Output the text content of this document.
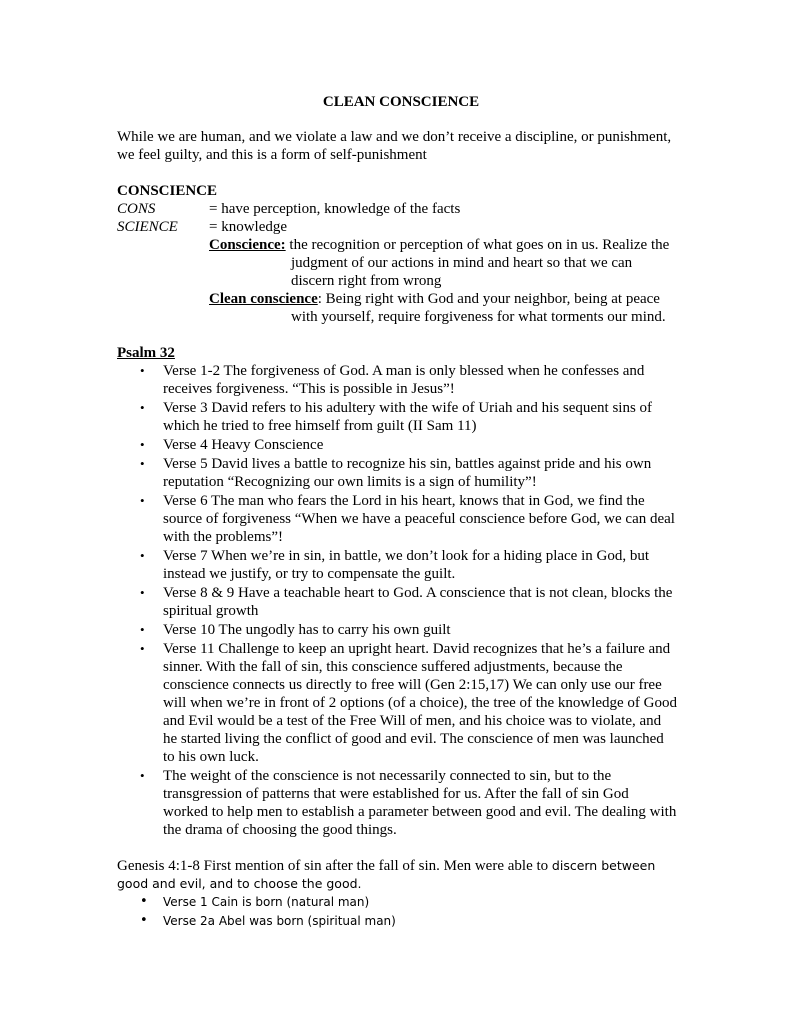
CLEAN CONSCIENCE

While we are human, and we violate a law and we don’t receive a discipline, or punishment, we feel guilty, and this is a form of self-punishment

CONSCIENCE
CONS	= have perception, knowledge of the facts
SCIENCE = knowledge
Conscience: the recognition or perception of what goes on in us. Realize the judgment of our actions in mind and heart so that we can discern right from wrong
Clean conscience: Being right with God and your neighbor, being at peace with yourself, require forgiveness for what torments our mind.
Psalm 32
• Verse 1-2 The forgiveness of God. A man is only blessed when he confesses and receives forgiveness. “This is possible in Jesus”!
• Verse 3 David refers to his adultery with the wife of Uriah and his sequent sins of which he tried to free himself from guilt (II Sam 11)
• Verse 4 Heavy Conscience
• Verse 5 David lives a battle to recognize his sin, battles against pride and his own reputation “Recognizing our own limits is a sign of humility”!
• Verse 6 The man who fears the Lord in his heart, knows that in God, we find the source of forgiveness “When we have a peaceful conscience before God, we can deal with the problems”!
• Verse 7 When we’re in sin, in battle, we don’t look for a hiding place in God, but instead we justify, or try to compensate the guilt.
• Verse 8 & 9 Have a teachable heart to God. A conscience that is not clean, blocks the spiritual growth
• Verse 10 The ungodly has to carry his own guilt
• Verse 11 Challenge to keep an upright heart. David recognizes that he’s a failure and sinner. With the fall of sin, this conscience suffered adjustments, because the conscience connects us directly to free will (Gen 2:15,17) We can only use our free will when we’re in front of 2 options (of a choice), the tree of the knowledge of Good and Evil would be a test of the Free Will of men, and his choice was to violate, and he started living the conflict of good and evil. The conscience of men was launched to his own luck.
• The weight of the conscience is not necessarily connected to sin, but to the transgression of patterns that were established for us. After the fall of sin God worked to help men to establish a parameter between good and evil. The dealing with the drama of choosing the good things.

Genesis 4:1-8 First mention of sin after the fall of sin. Men were able to discern between good and evil, and to choose the good.

• Verse 1 Cain is born (natural man)
• Verse 2a Abel was born (spiritual man)
